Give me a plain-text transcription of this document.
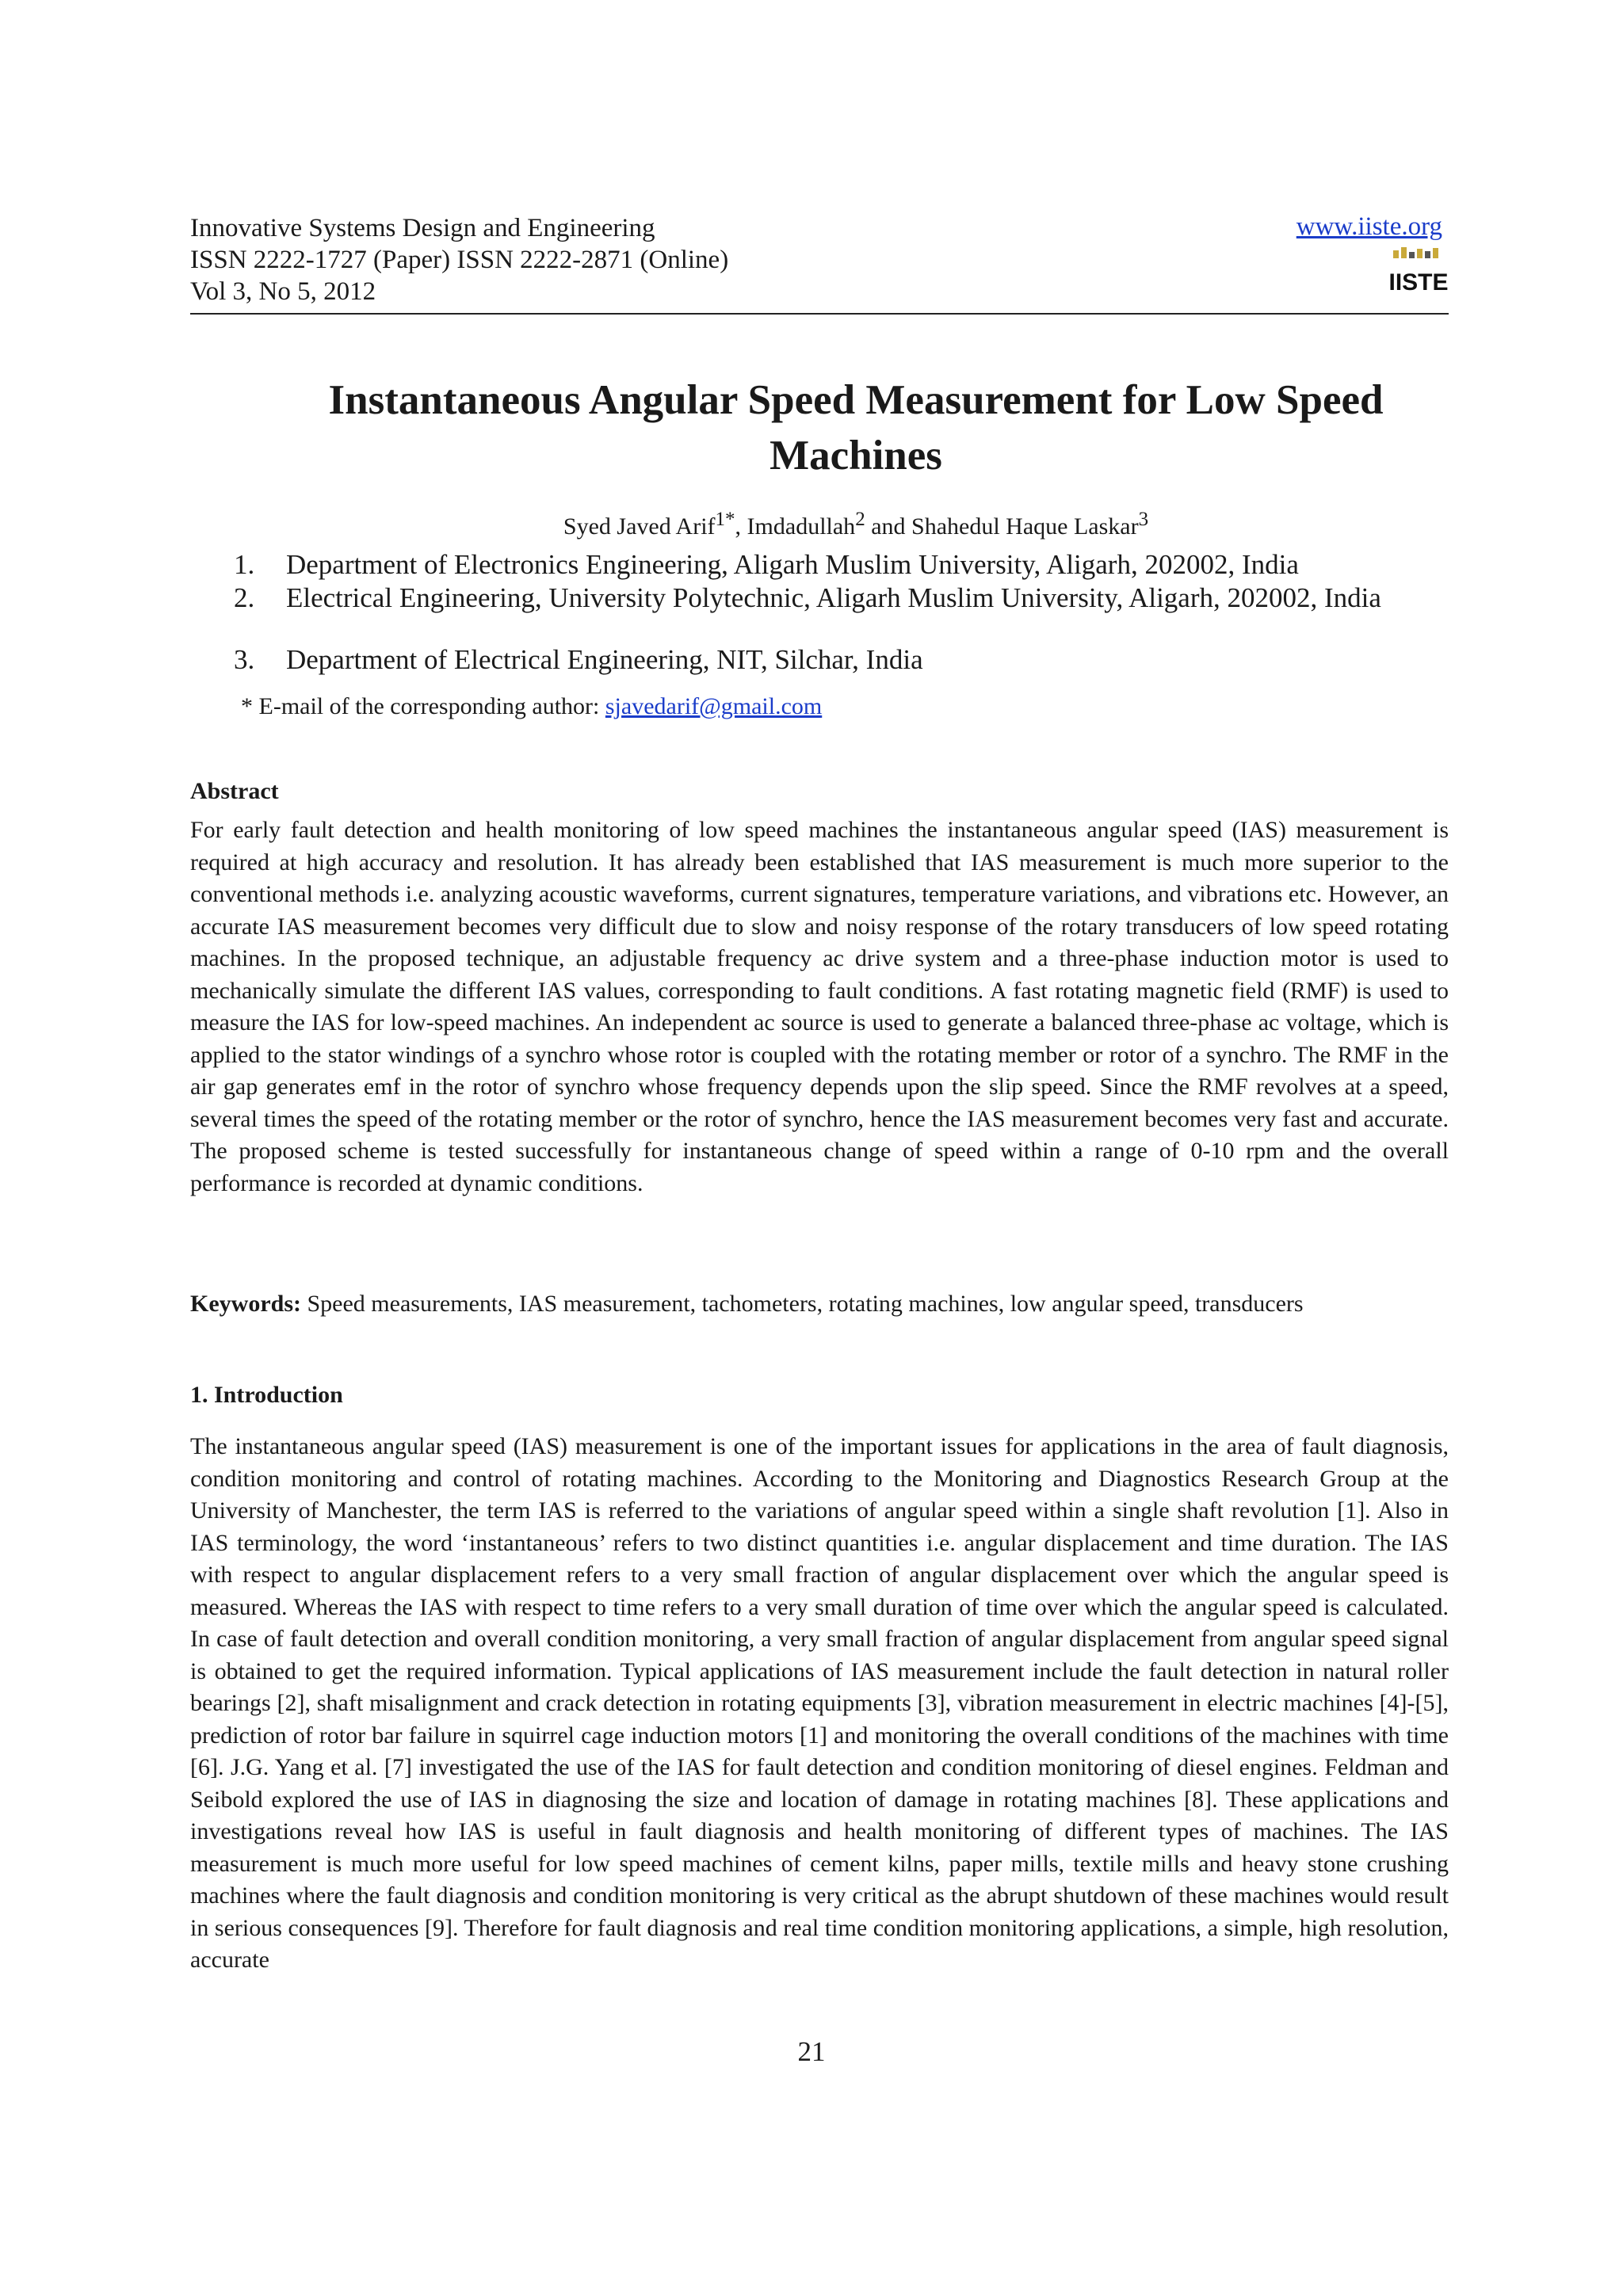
Innovative Systems Design and Engineering
ISSN 2222-1727 (Paper) ISSN 2222-2871 (Online)
Vol 3, No 5, 2012
www.iiste.org
IISTE
Instantaneous Angular Speed Measurement for Low Speed Machines
Syed Javed Arif$^{1*}$, Imdadullah$^2$ and Shahedul Haque Laskar$^3$
1. Department of Electronics Engineering, Aligarh Muslim University, Aligarh, 202002, India
2. Electrical Engineering, University Polytechnic, Aligarh Muslim University, Aligarh, 202002, India
3. Department of Electrical Engineering, NIT, Silchar, India
* E-mail of the corresponding author: sjavedarif@gmail.com
Abstract

For early fault detection and health monitoring of low speed machines the instantaneous angular speed (IAS) measurement is required at high accuracy and resolution. It has already been established that IAS measurement is much more superior to the conventional methods i.e. analyzing acoustic waveforms, current signatures, temperature variations, and vibrations etc. However, an accurate IAS measurement becomes very difficult due to slow and noisy response of the rotary transducers of low speed rotating machines. In the proposed technique, an adjustable frequency ac drive system and a three-phase induction motor is used to mechanically simulate the different IAS values, corresponding to fault conditions. A fast rotating magnetic field (RMF) is used to measure the IAS for low-speed machines. An independent ac source is used to generate a balanced three-phase ac voltage, which is applied to the stator windings of a synchro whose rotor is coupled with the rotating member or rotor of a synchro. The RMF in the air gap generates emf in the rotor of synchro whose frequency depends upon the slip speed. Since the RMF revolves at a speed, several times the speed of the rotating member or the rotor of synchro, hence the IAS measurement becomes very fast and accurate. The proposed scheme is tested successfully for instantaneous change of speed within a range of 0-10 rpm and the overall performance is recorded at dynamic conditions.

Keywords: Speed measurements, IAS measurement, tachometers, rotating machines, low angular speed, transducers
1. Introduction

The instantaneous angular speed (IAS) measurement is one of the important issues for applications in the area of fault diagnosis, condition monitoring and control of rotating machines. According to the Monitoring and Diagnostics Research Group at the University of Manchester, the term IAS is referred to the variations of angular speed within a single shaft revolution [1]. Also in IAS terminology, the word ‘instantaneous’ refers to two distinct quantities i.e. angular displacement and time duration. The IAS with respect to angular displacement refers to a very small fraction of angular displacement over which the angular speed is measured. Whereas the IAS with respect to time refers to a very small duration of time over which the angular speed is calculated. In case of fault detection and overall condition monitoring, a very small fraction of angular displacement from angular speed signal is obtained to get the required information. Typical applications of IAS measurement include the fault detection in natural roller bearings [2], shaft misalignment and crack detection in rotating equipments [3], vibration measurement in electric machines [4]-[5], prediction of rotor bar failure in squirrel cage induction motors [1] and monitoring the overall conditions of the machines with time [6]. J.G. Yang et al. [7] investigated the use of the IAS for fault detection and condition monitoring of diesel engines. Feldman and Seibold explored the use of IAS in diagnosing the size and location of damage in rotating machines [8]. These applications and investigations reveal how IAS is useful in fault diagnosis and health monitoring of different types of machines. The IAS measurement is much more useful for low speed machines of cement kilns, paper mills, textile mills and heavy stone crushing machines where the fault diagnosis and condition monitoring is very critical as the abrupt shutdown of these machines would result in serious consequences [9]. Therefore for fault diagnosis and real time condition monitoring applications, a simple, high resolution, accurate

21
